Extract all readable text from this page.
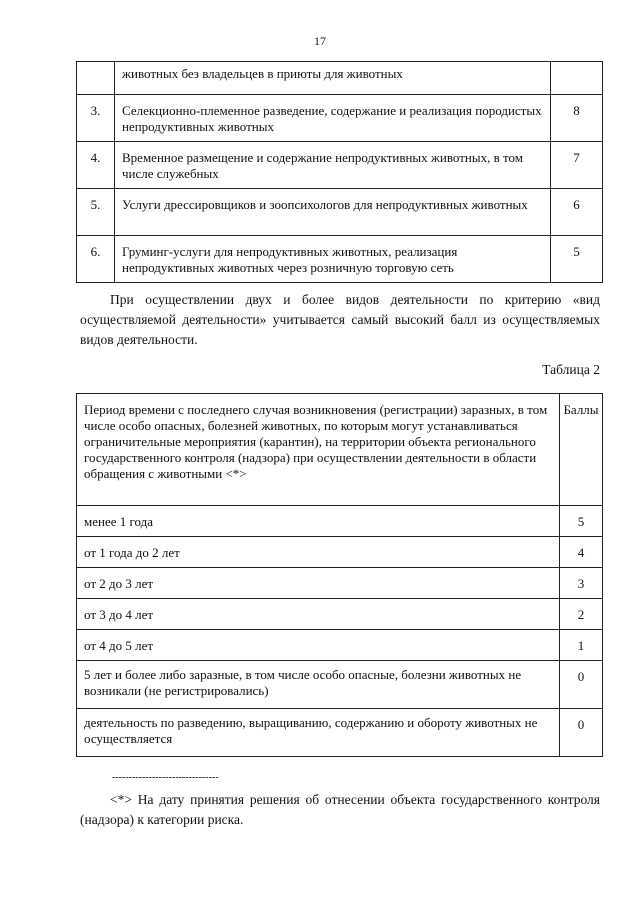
17
	животных без владельцев в приюты для животных	
3.	Селекционно-племенное разведение, содержание и реализация породистых непродуктивных животных	8
4.	Временное размещение и содержание непродуктивных животных, в том числе служебных	7
5.	Услуги дрессировщиков и зоопсихологов для непродуктивных животных	6
6.	Груминг-услуги для непродуктивных животных, реализация непродуктивных животных через розничную торговую сеть	5
При осуществлении двух и более видов деятельности по критерию «вид осуществляемой деятельности» учитывается самый высокий балл из осуществляемых видов деятельности.
Таблица 2
Период времени с последнего случая возникновения (регистрации) заразных, в том числе особо опасных, болезней животных, по которым могут устанавливаться ограничительные мероприятия (карантин), на территории объекта регионального государственного контроля (надзора) при осуществлении деятельности в области обращения с животными <*>	Баллы
менее 1 года	5
от 1 года до 2 лет	4
от 2 до 3 лет	3
от 3 до 4 лет	2
от 4 до 5 лет	1
5 лет и более либо заразные, в том числе особо опасные, болезни животных не возникали (не регистрировались)	0
деятельность по разведению, выращиванию, содержанию и обороту животных не осуществляется	0
--------------------------------
<*> На дату принятия решения об отнесении объекта государственного контроля (надзора) к категории риска.
